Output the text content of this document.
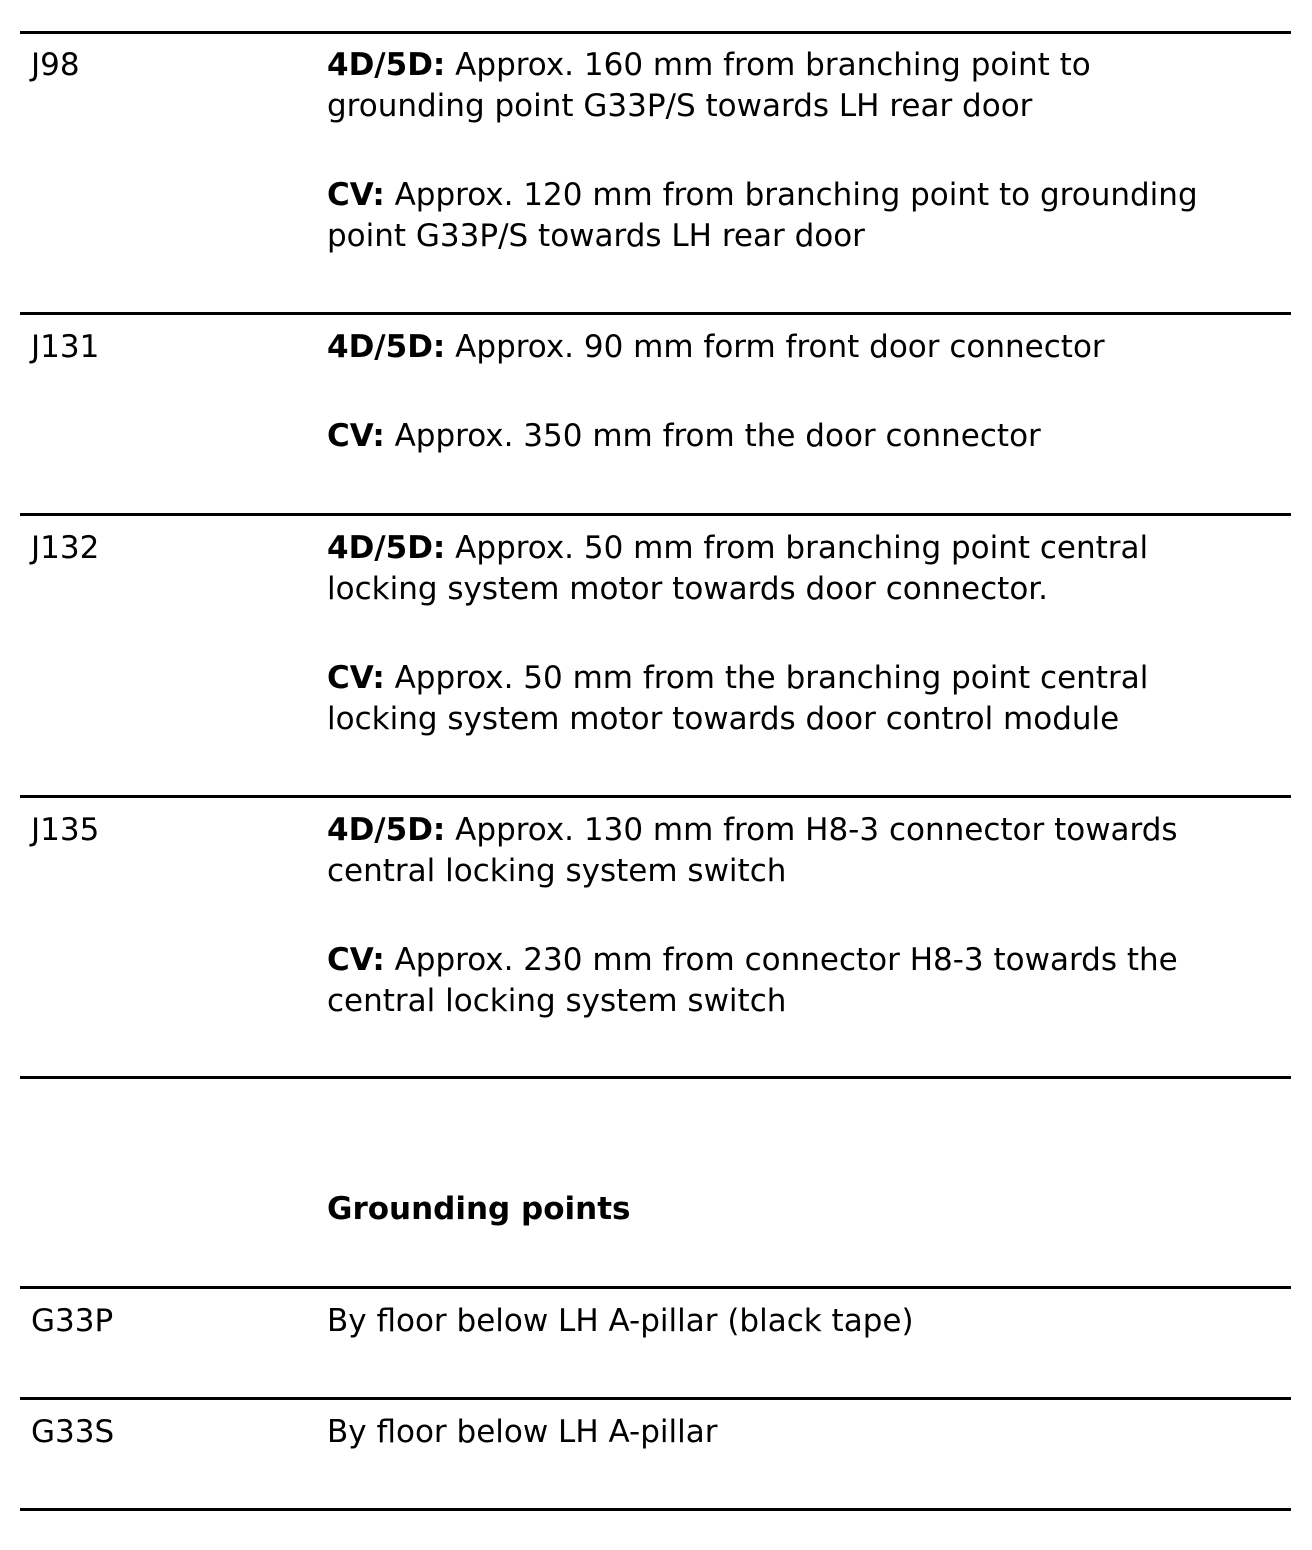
J98	4D/5D: Approx. 160 mm from branching point to
grounding point G33P/S towards LH rear door
CV: Approx. 120 mm from branching point to grounding
point G33P/S towards LH rear door
J131	4D/5D: Approx. 90 mm form front door connector
CV: Approx. 350 mm from the door connector
J132	4D/5D: Approx. 50 mm from branching point central
locking system motor towards door connector.
CV: Approx. 50 mm from the branching point central
locking system motor towards door control module
J135	4D/5D: Approx. 130 mm from H8-3 connector towards
central locking system switch
CV: Approx. 230 mm from connector H8-3 towards the
central locking system switch
Grounding points
G33P	By floor below LH A-pillar (black tape)
G33S	By floor below LH A-pillar
